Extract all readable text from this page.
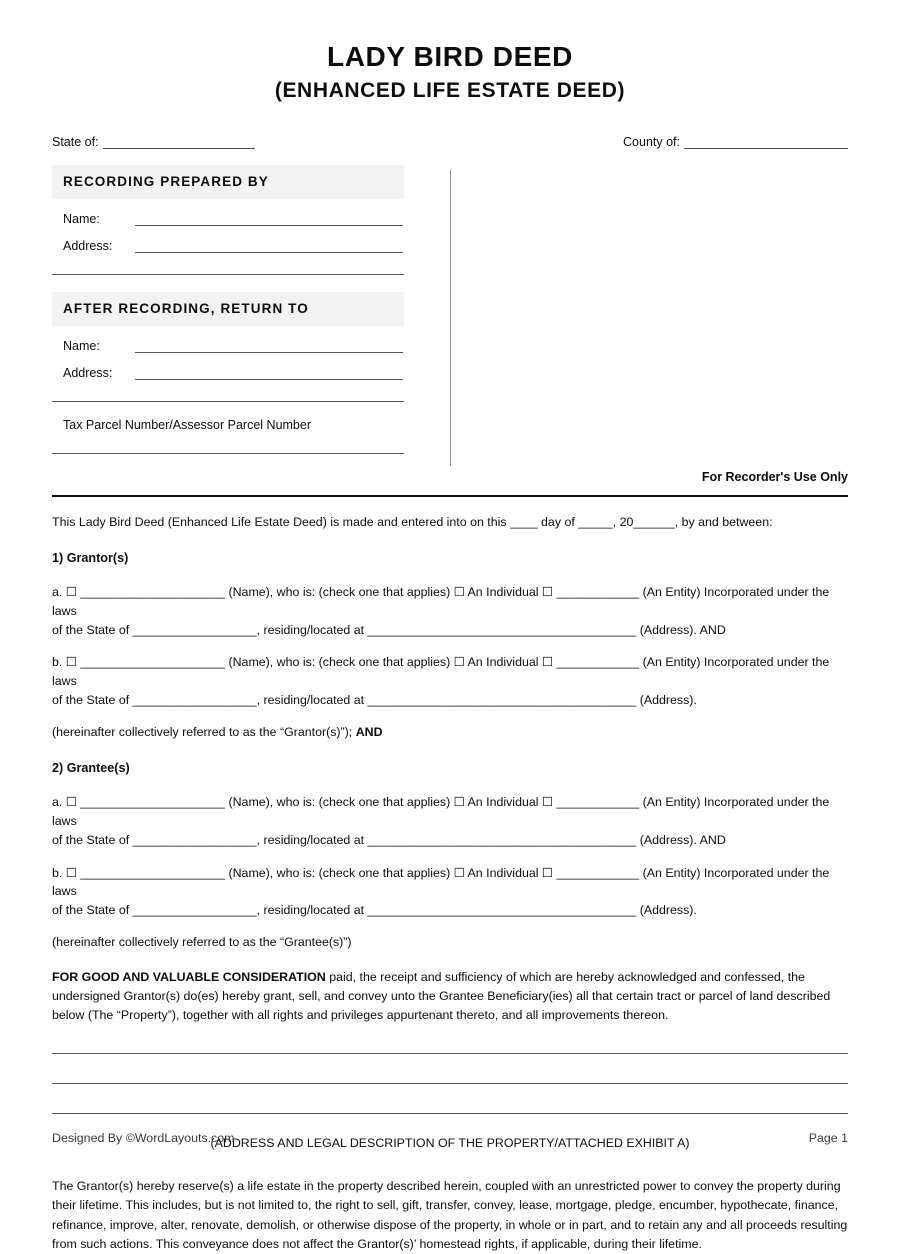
LADY BIRD DEED
(ENHANCED LIFE ESTATE DEED)
State of:	County of:
RECORDING PREPARED BY
Name:
Address:
AFTER RECORDING, RETURN TO
Name:
Address:
Tax Parcel Number/Assessor Parcel Number
For Recorder's Use Only
This Lady Bird Deed (Enhanced Life Estate Deed) is made and entered into on this ____ day of _____, 20______, by and between:
1) Grantor(s)
a. ☐ _____________________ (Name), who is: (check one that applies) ☐ An Individual ☐ ____________ (An Entity) Incorporated under the laws
of the State of __________________, residing/located at _______________________________________ (Address). AND
b. ☐ _____________________ (Name), who is: (check one that applies) ☐ An Individual ☐ ____________ (An Entity) Incorporated under the laws
of the State of __________________, residing/located at _______________________________________ (Address).
(hereinafter collectively referred to as the “Grantor(s)”); AND
2) Grantee(s)
a. ☐ _____________________ (Name), who is: (check one that applies) ☐ An Individual ☐ ____________ (An Entity) Incorporated under the laws
of the State of __________________, residing/located at _______________________________________ (Address). AND
b. ☐ _____________________ (Name), who is: (check one that applies) ☐ An Individual ☐ ____________ (An Entity) Incorporated under the laws
of the State of __________________, residing/located at _______________________________________ (Address).
(hereinafter collectively referred to as the “Grantee(s)”)
FOR GOOD AND VALUABLE CONSIDERATION paid, the receipt and sufficiency of which are hereby acknowledged and confessed, the undersigned Grantor(s) do(es) hereby grant, sell, and convey unto the Grantee Beneficiary(ies) all that certain tract or parcel of land described below (The “Property”), together with all rights and privileges appurtenant thereto, and all improvements thereon.
(ADDRESS AND LEGAL DESCRIPTION OF THE PROPERTY/ATTACHED EXHIBIT A)
The Grantor(s) hereby reserve(s) a life estate in the property described herein, coupled with an unrestricted power to convey the property during their lifetime. This includes, but is not limited to, the right to sell, gift, transfer, convey, lease, mortgage, pledge, encumber, hypothecate, finance, refinance, improve, alter, renovate, demolish, or otherwise dispose of the property, in whole or in part, and to retain any and all proceeds resulting from such actions. This conveyance does not affect the Grantor(s)’ homestead rights, if applicable, during their lifetime.
Designed By ©WordLayouts.com	Page 1
